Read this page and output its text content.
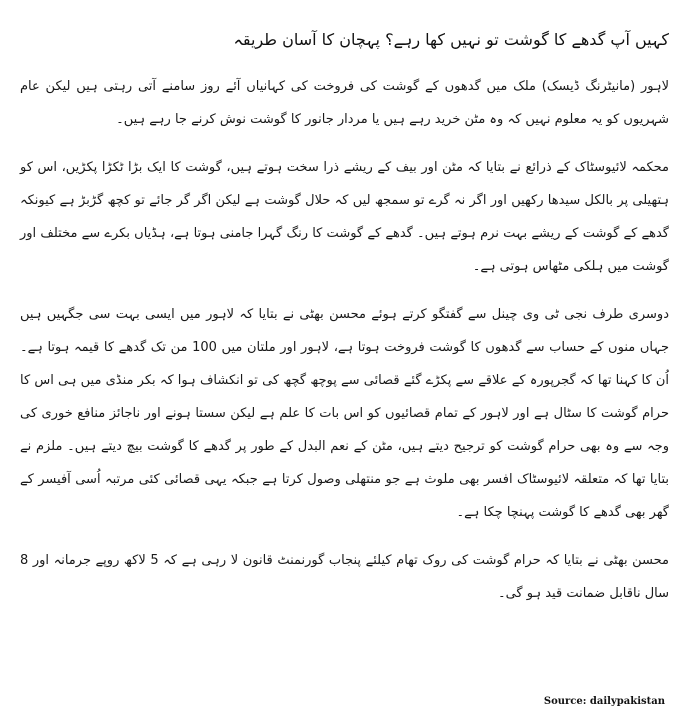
کہیں آپ گدھے کا گوشت تو نہیں کھا رہے؟ پہچان کا آسان طریقہ

لاہور (مانیٹرنگ ڈیسک) ملک میں گدھوں کے گوشت کی فروخت کی کہانیاں آئے روز سامنے آتی رہتی ہیں لیکن عام شہریوں کو یہ معلوم نہیں کہ وہ مٹن خرید رہے ہیں یا مردار جانور کا گوشت نوش کرنے جا رہے ہیں۔

محکمہ لائیوسٹاک کے ذرائع نے بتایا کہ مٹن اور بیف کے ریشے ذرا سخت ہوتے ہیں، گوشت کا ایک بڑا ٹکڑا پکڑیں، اس کو ہتھیلی پر بالکل سیدھا رکھیں اور اگر نہ گرے تو سمجھ لیں کہ حلال گوشت ہے لیکن اگر گر جائے تو کچھ گڑبڑ ہے کیونکہ گدھے کے گوشت کے ریشے بہت نرم ہوتے ہیں۔ گدھے کے گوشت کا رنگ گہرا جامنی ہوتا ہے، ہڈیاں بکرے سے مختلف اور گوشت میں ہلکی مٹھاس ہوتی ہے۔

دوسری طرف نجی ٹی وی چینل سے گفتگو کرتے ہوئے محسن بھٹی نے بتایا کہ لاہور میں ایسی بہت سی جگہیں ہیں جہاں منوں کے حساب سے گدھوں کا گوشت فروخت ہوتا ہے، لاہور اور ملتان میں 100 من تک گدھے کا قیمہ ہوتا ہے۔ اُن کا کہنا تھا کہ گجرپورہ کے علاقے سے پکڑے گئے قصائی سے پوچھ گچھ کی تو انکشاف ہوا کہ بکر منڈی میں ہی اس کا حرام گوشت کا سٹال ہے اور لاہور کے تمام قصائیوں کو اس بات کا علم ہے لیکن سستا ہونے اور ناجائز منافع خوری کی وجہ سے وہ بھی حرام گوشت کو ترجیح دیتے ہیں، مٹن کے نعم البدل کے طور پر گدھے کا گوشت بیچ دیتے ہیں۔ ملزم نے بتایا تھا کہ متعلقہ لائیوسٹاک افسر بھی ملوث ہے جو منتھلی وصول کرتا ہے جبکہ یہی قصائی کئی مرتبہ اُسی آفیسر کے گھر بھی گدھے کا گوشت پہنچا چکا ہے۔

محسن بھٹی نے بتایا کہ حرام گوشت کی روک تھام کیلئے پنجاب گورنمنٹ قانون لا رہی ہے کہ 5 لاکھ روپے جرمانہ اور 8 سال ناقابل ضمانت قید ہو گی۔

Source: dailypakistan
